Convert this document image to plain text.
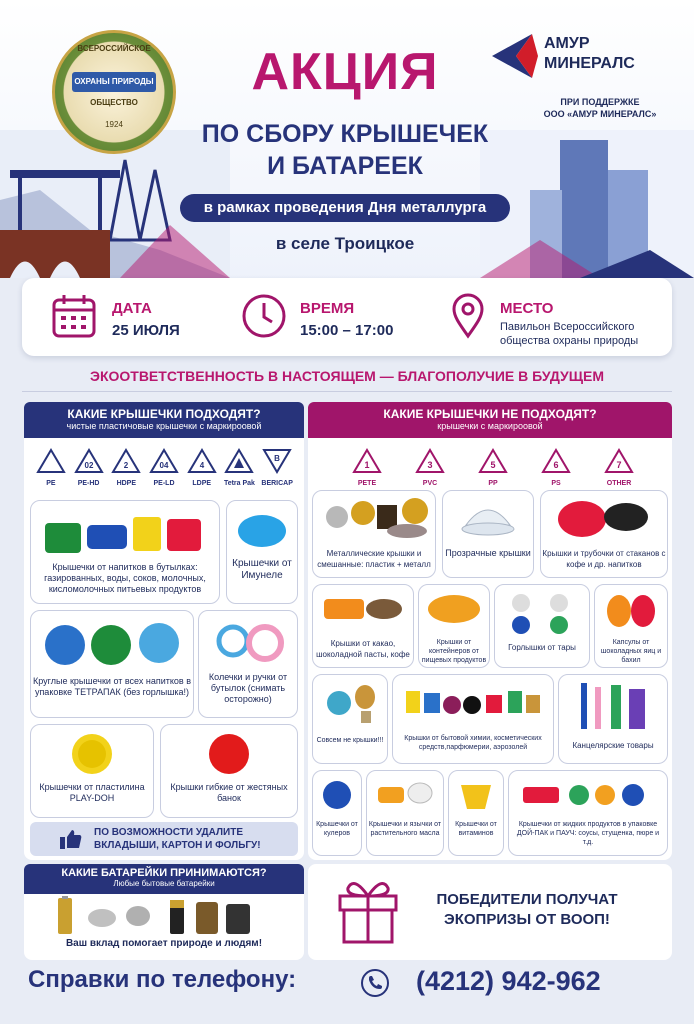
ВСЕРОССИЙСКОЕ
ОХРАНЫ ПРИРОДЫ
ОБЩЕСТВО
1924
АМУР
МИНЕРАЛС
ПРИ ПОДДЕРЖКЕ
ООО «АМУР МИНЕРАЛС»
АКЦИЯ
ПО СБОРУ КРЫШЕЧЕК
И БАТАРЕЕК
в рамках проведения Дня металлурга
в селе Троицкое
ДАТА
25 ИЮЛЯ
ВРЕМЯ
15:00 – 17:00
МЕСТО
Павильон Всероссийского
общества охраны природы
ЭКООТВЕТСТВЕННОСТЬ В НАСТОЯЩЕМ — БЛАГОПОЛУЧИЕ В БУДУЩЕМ
КАКИЕ КРЫШЕЧКИ ПОДХОДЯТ?
чистые пластичовые крышечки с маркироовой
PE
02
PE-HD
2
HDPE
04
PE-LD
4
LDPE	Tetra Pak
B
BERICAP
Крышечки от напитков в бутылках: газированных, воды, соков, молочных, кисломолочных питьевых продуктов
Крышечки от Имунеле
Круглые крышечки от всех напитков в упаковке ТЕТРАПАК (без горлышка!)
Колечки и ручки от бутылок (снимать осторожно)
Крышечки от пластилина PLAY-DOH
Крышки гибкие от жестяных банок
ПО ВОЗМОЖНОСТИ УДАЛИТЕ
ВКЛАДЫШИ, КАРТОН И ФОЛЬГУ!
КАКИЕ КРЫШЕЧКИ НЕ ПОДХОДЯТ?
крышечки с маркироовой
1
PETE
3
PVC
5
PP
6
PS
7
OTHER
Металлические крышки и смешанные: пластик + металл
Прозрачные крышки Крышки и трубочки от стаканов с кофе и др. напитков
Крышки от какао, шоколадной пасты, кофе
Крышки от контейнеров от пищевых продуктов
Горлышки от тары
Капсулы от шоколадных яиц и бахил
Совсем не крышки!!!	Крышки от бытовой химии, косметических средств,парфюмерии, аэрозолей	Канцелярские товары
Крышечки от кулеров
Крышечки и язычки от растительного масла
Крышечки от витаминов
Крышечки от жидких продуктов в упаковке ДОЙ-ПАК и ПАУЧ: соусы, стущенка, пюре и т.д.
КАКИЕ БАТАРЕЙКИ ПРИНИМАЮТСЯ?
Любые бытовые батарейки
Ваш вклад помогает природе и людям!
ПОБЕДИТЕЛИ ПОЛУЧАТ
ЭКОПРИЗЫ ОТ ВООП!
Справки по телефону:	(4212) 942-962
